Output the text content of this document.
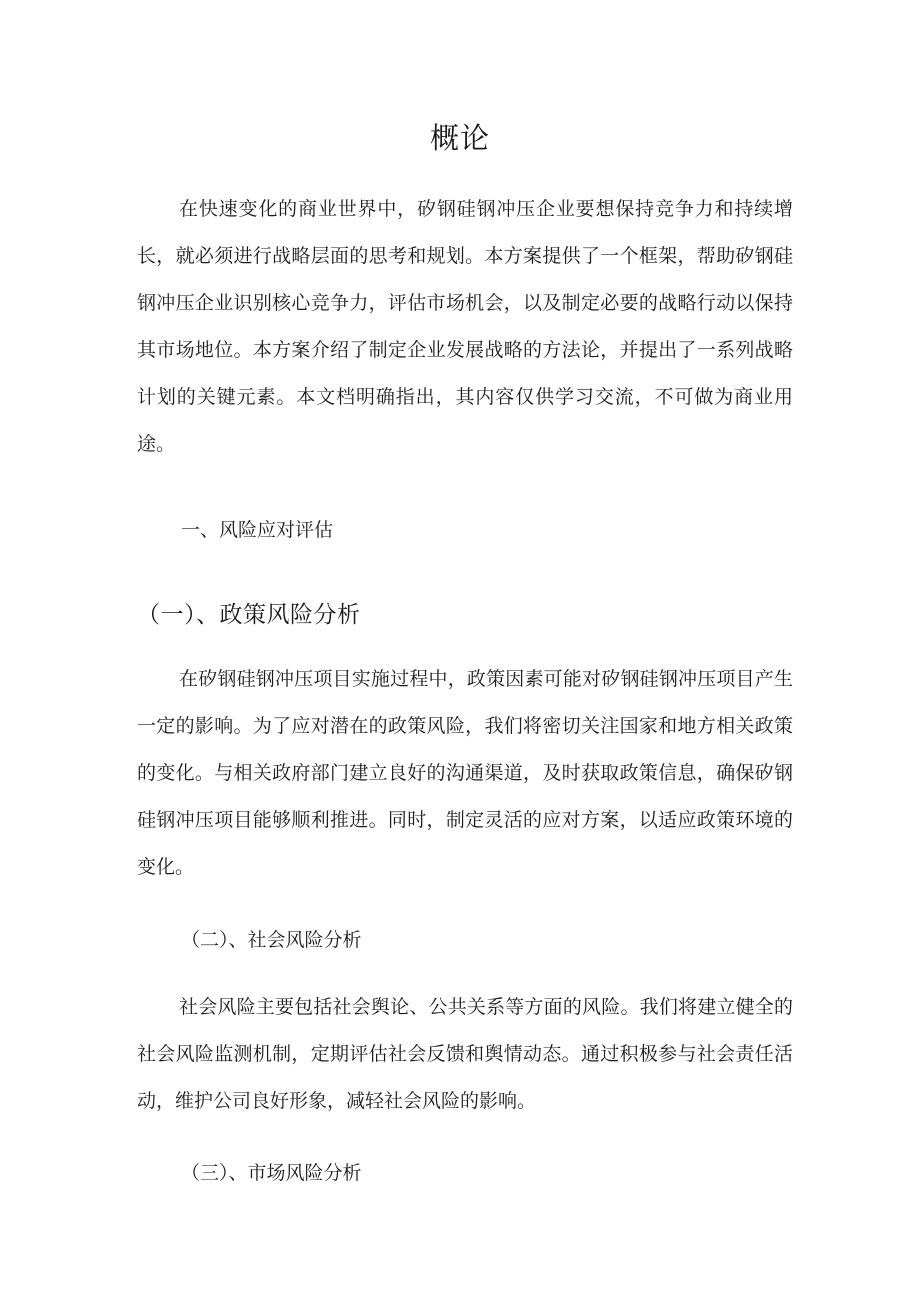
概论

在快速变化的商业世界中，矽钢硅钢冲压企业要想保持竞争力和持续增长，就必须进行战略层面的思考和规划。本方案提供了一个框架，帮助矽钢硅钢冲压企业识别核心竞争力，评估市场机会，以及制定必要的战略行动以保持其市场地位。本方案介绍了制定企业发展战略的方法论，并提出了一系列战略计划的关键元素。本文档明确指出，其内容仅供学习交流，不可做为商业用途。

一、风险应对评估

（一）、政策风险分析

在矽钢硅钢冲压项目实施过程中，政策因素可能对矽钢硅钢冲压项目产生一定的影响。为了应对潜在的政策风险，我们将密切关注国家和地方相关政策的变化。与相关政府部门建立良好的沟通渠道，及时获取政策信息，确保矽钢硅钢冲压项目能够顺利推进。同时，制定灵活的应对方案，以适应政策环境的变化。

（二）、社会风险分析

社会风险主要包括社会舆论、公共关系等方面的风险。我们将建立健全的社会风险监测机制，定期评估社会反馈和舆情动态。通过积极参与社会责任活动，维护公司良好形象，减轻社会风险的影响。

（三）、市场风险分析
